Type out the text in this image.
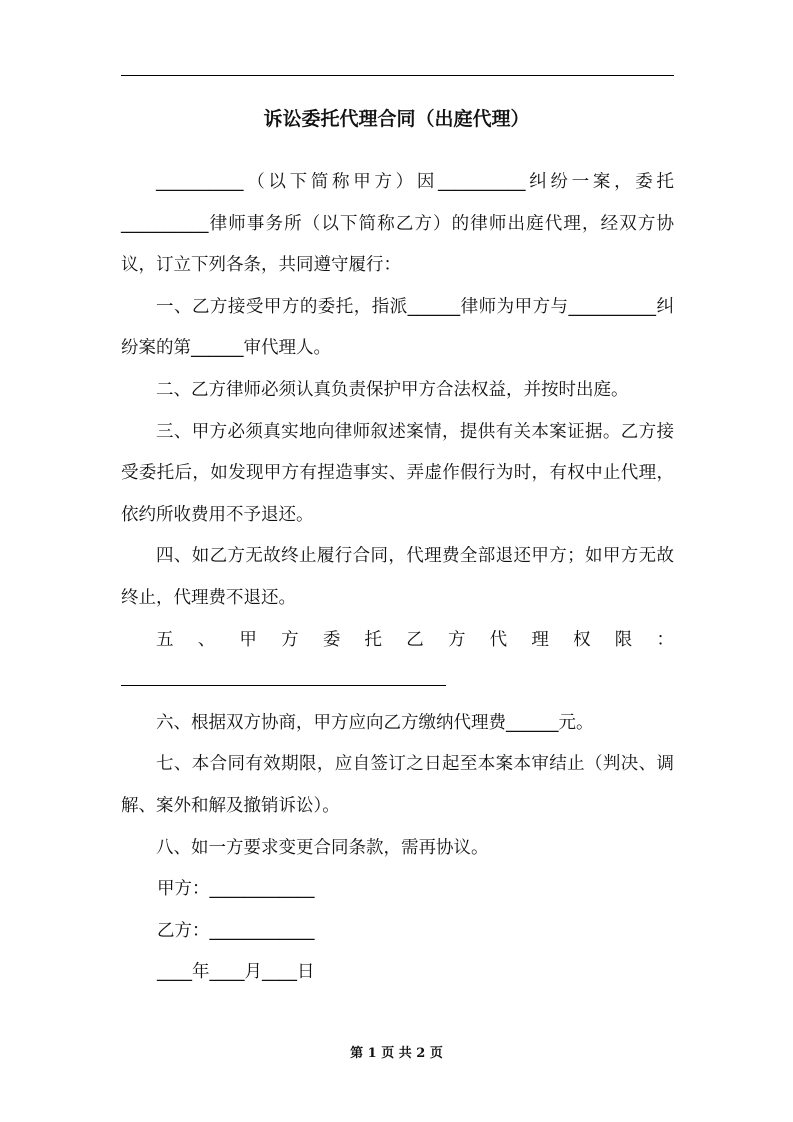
诉讼委托代理合同（出庭代理）

__________（以下简称甲方）因__________纠纷一案，委托__________律师事务所（以下简称乙方）的律师出庭代理，经双方协议，订立下列各条，共同遵守履行：

一、乙方接受甲方的委托，指派______律师为甲方与__________纠纷案的第______审代理人。

二、乙方律师必须认真负责保护甲方合法权益，并按时出庭。

三、甲方必须真实地向律师叙述案情，提供有关本案证据。乙方接受委托后，如发现甲方有捏造事实、弄虚作假行为时，有权中止代理，依约所收费用不予退还。

四、如乙方无故终止履行合同，代理费全部退还甲方；如甲方无故终止，代理费不退还。

五、甲方委托乙方代理权限：

六、根据双方协商，甲方应向乙方缴纳代理费______元。

七、本合同有效期限，应自签订之日起至本案本审结止（判决、调解、案外和解及撤销诉讼）。

八、如一方要求变更合同条款，需再协议。

甲方：____________

乙方：____________

____年____月____日

第 1 页 共 2 页
